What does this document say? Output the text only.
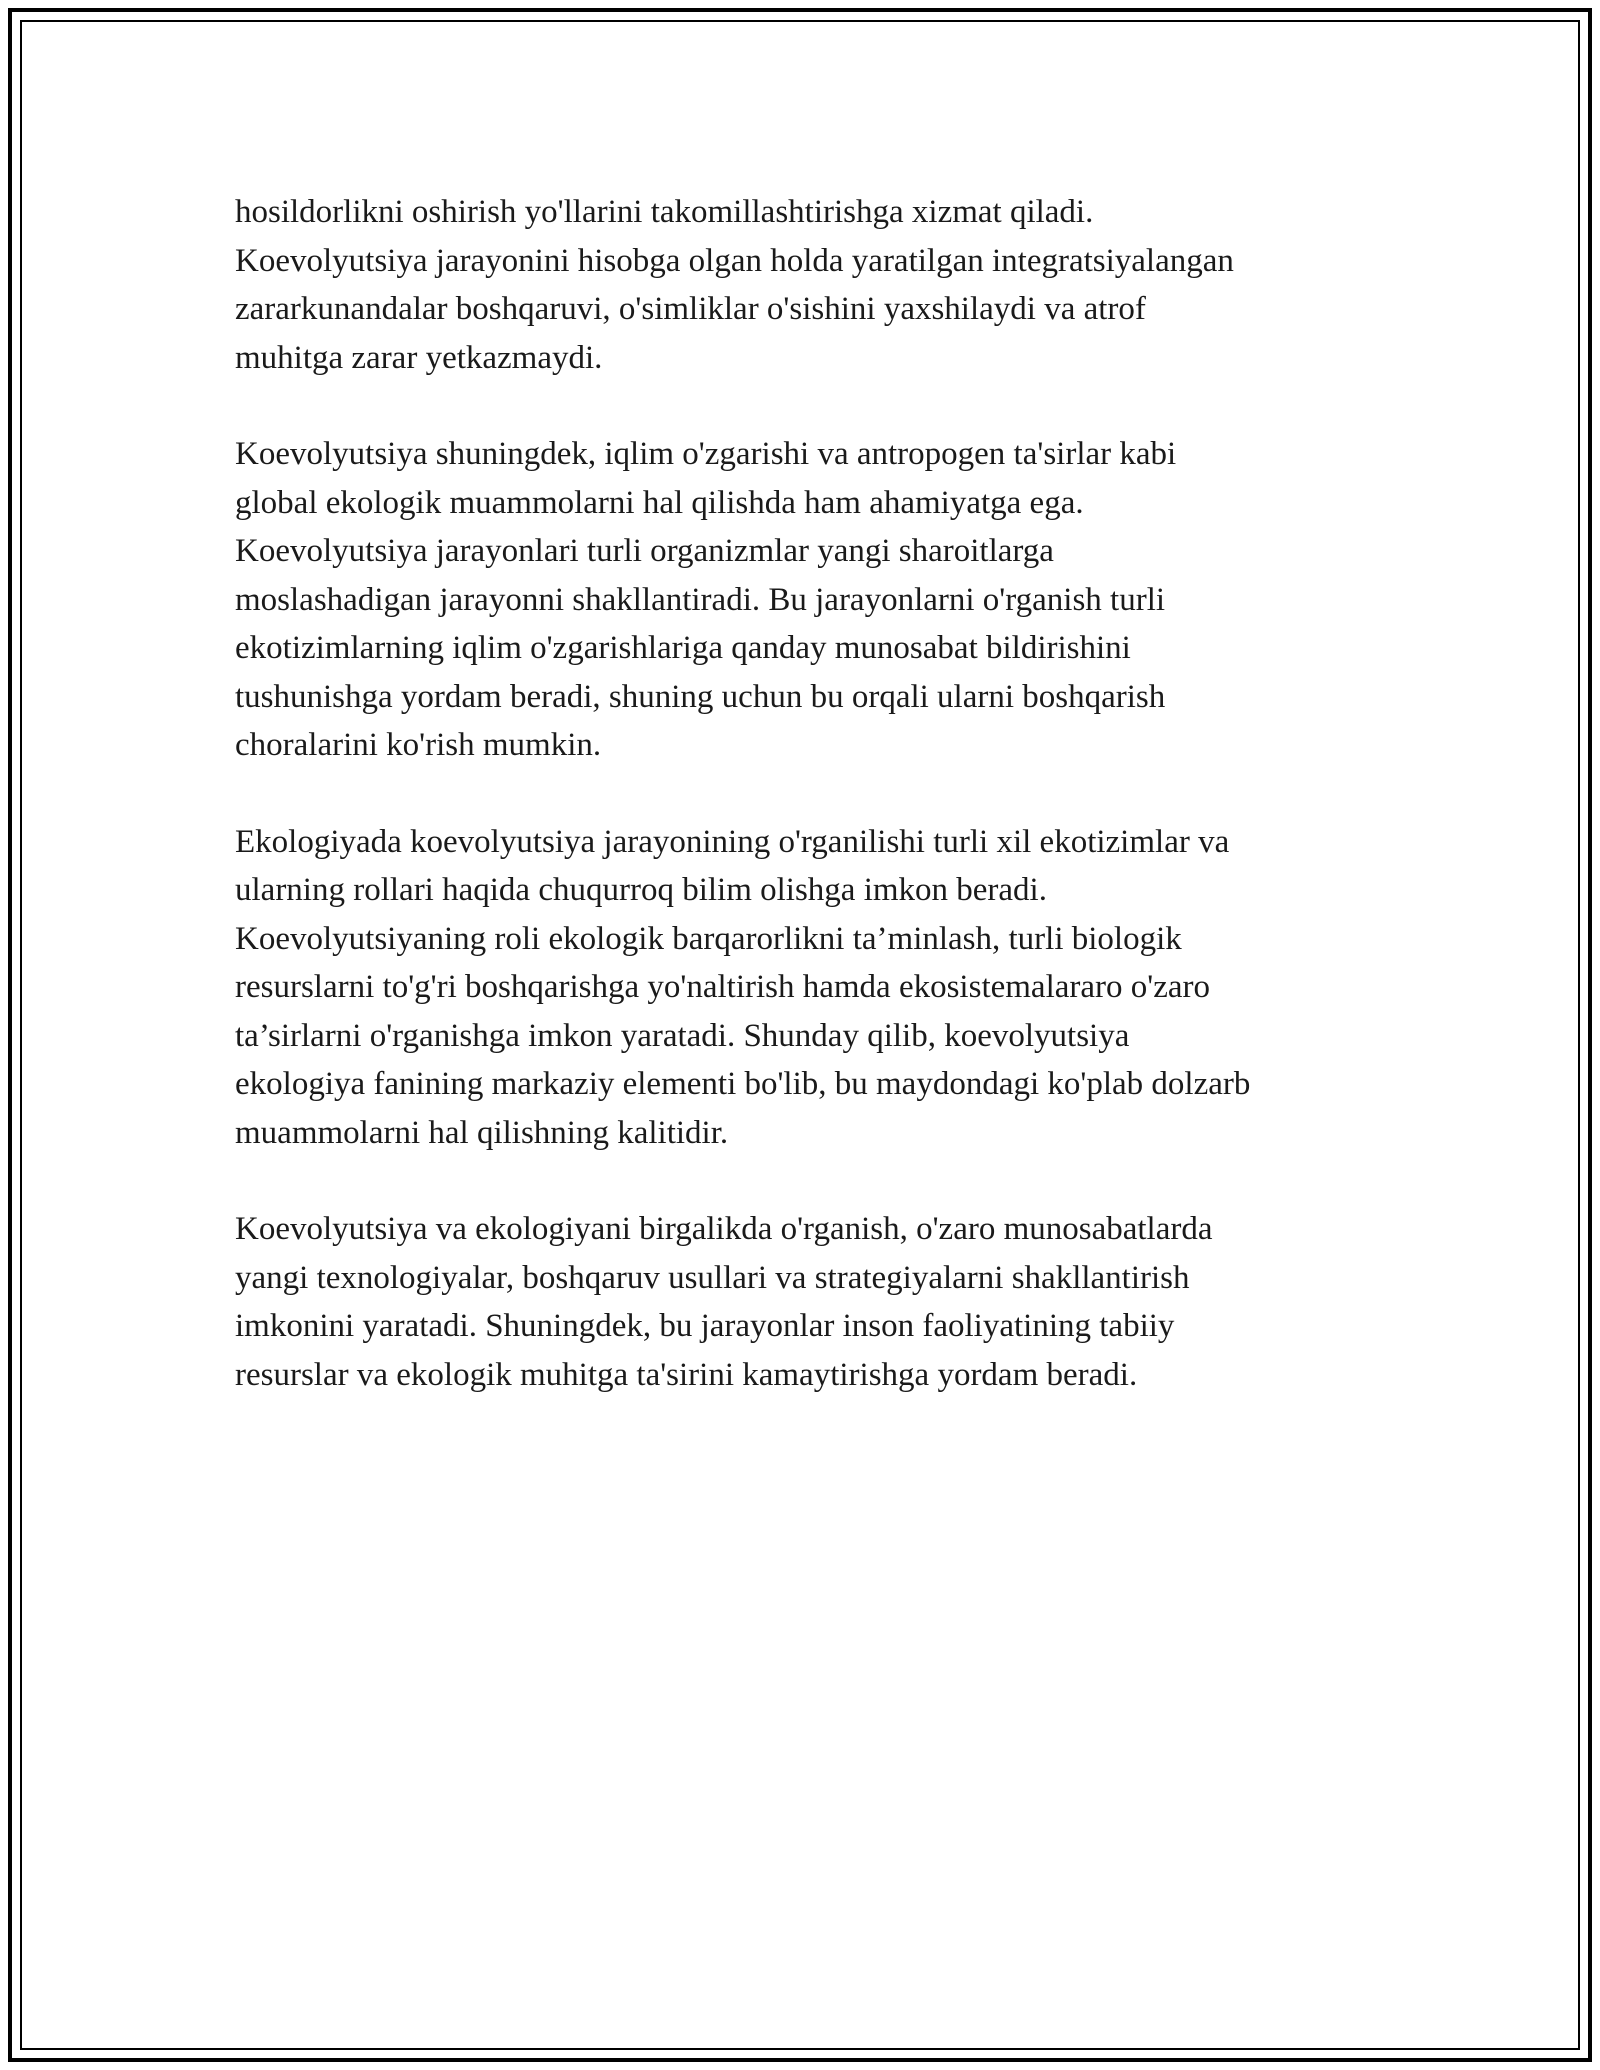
hosildorlikni oshirish yo'llarini takomillashtirishga xizmat qiladi.
Koevolyutsiya jarayonini hisobga olgan holda yaratilgan integratsiyalangan
zararkunandalar boshqaruvi, o'simliklar o'sishini yaxshilaydi va atrof
muhitga zarar yetkazmaydi.

Koevolyutsiya shuningdek, iqlim o'zgarishi va antropogen ta'sirlar kabi
global ekologik muammolarni hal qilishda ham ahamiyatga ega.
Koevolyutsiya jarayonlari turli organizmlar yangi sharoitlarga
moslashadigan jarayonni shakllantiradi. Bu jarayonlarni o'rganish turli
ekotizimlarning iqlim o'zgarishlariga qanday munosabat bildirishini
tushunishga yordam beradi, shuning uchun bu orqali ularni boshqarish
choralarini ko'rish mumkin.

Ekologiyada koevolyutsiya jarayonining o'rganilishi turli xil ekotizimlar va
ularning rollari haqida chuqurroq bilim olishga imkon beradi.
Koevolyutsiyaning roli ekologik barqarorlikni ta’minlash, turli biologik
resurslarni to'g'ri boshqarishga yo'naltirish hamda ekosistemalararo o'zaro
ta’sirlarni o'rganishga imkon yaratadi. Shunday qilib, koevolyutsiya
ekologiya fanining markaziy elementi bo'lib, bu maydondagi ko'plab dolzarb
muammolarni hal qilishning kalitidir.

Koevolyutsiya va ekologiyani birgalikda o'rganish, o'zaro munosabatlarda
yangi texnologiyalar, boshqaruv usullari va strategiyalarni shakllantirish
imkonini yaratadi. Shuningdek, bu jarayonlar inson faoliyatining tabiiy
resurslar va ekologik muhitga ta'sirini kamaytirishga yordam beradi.
